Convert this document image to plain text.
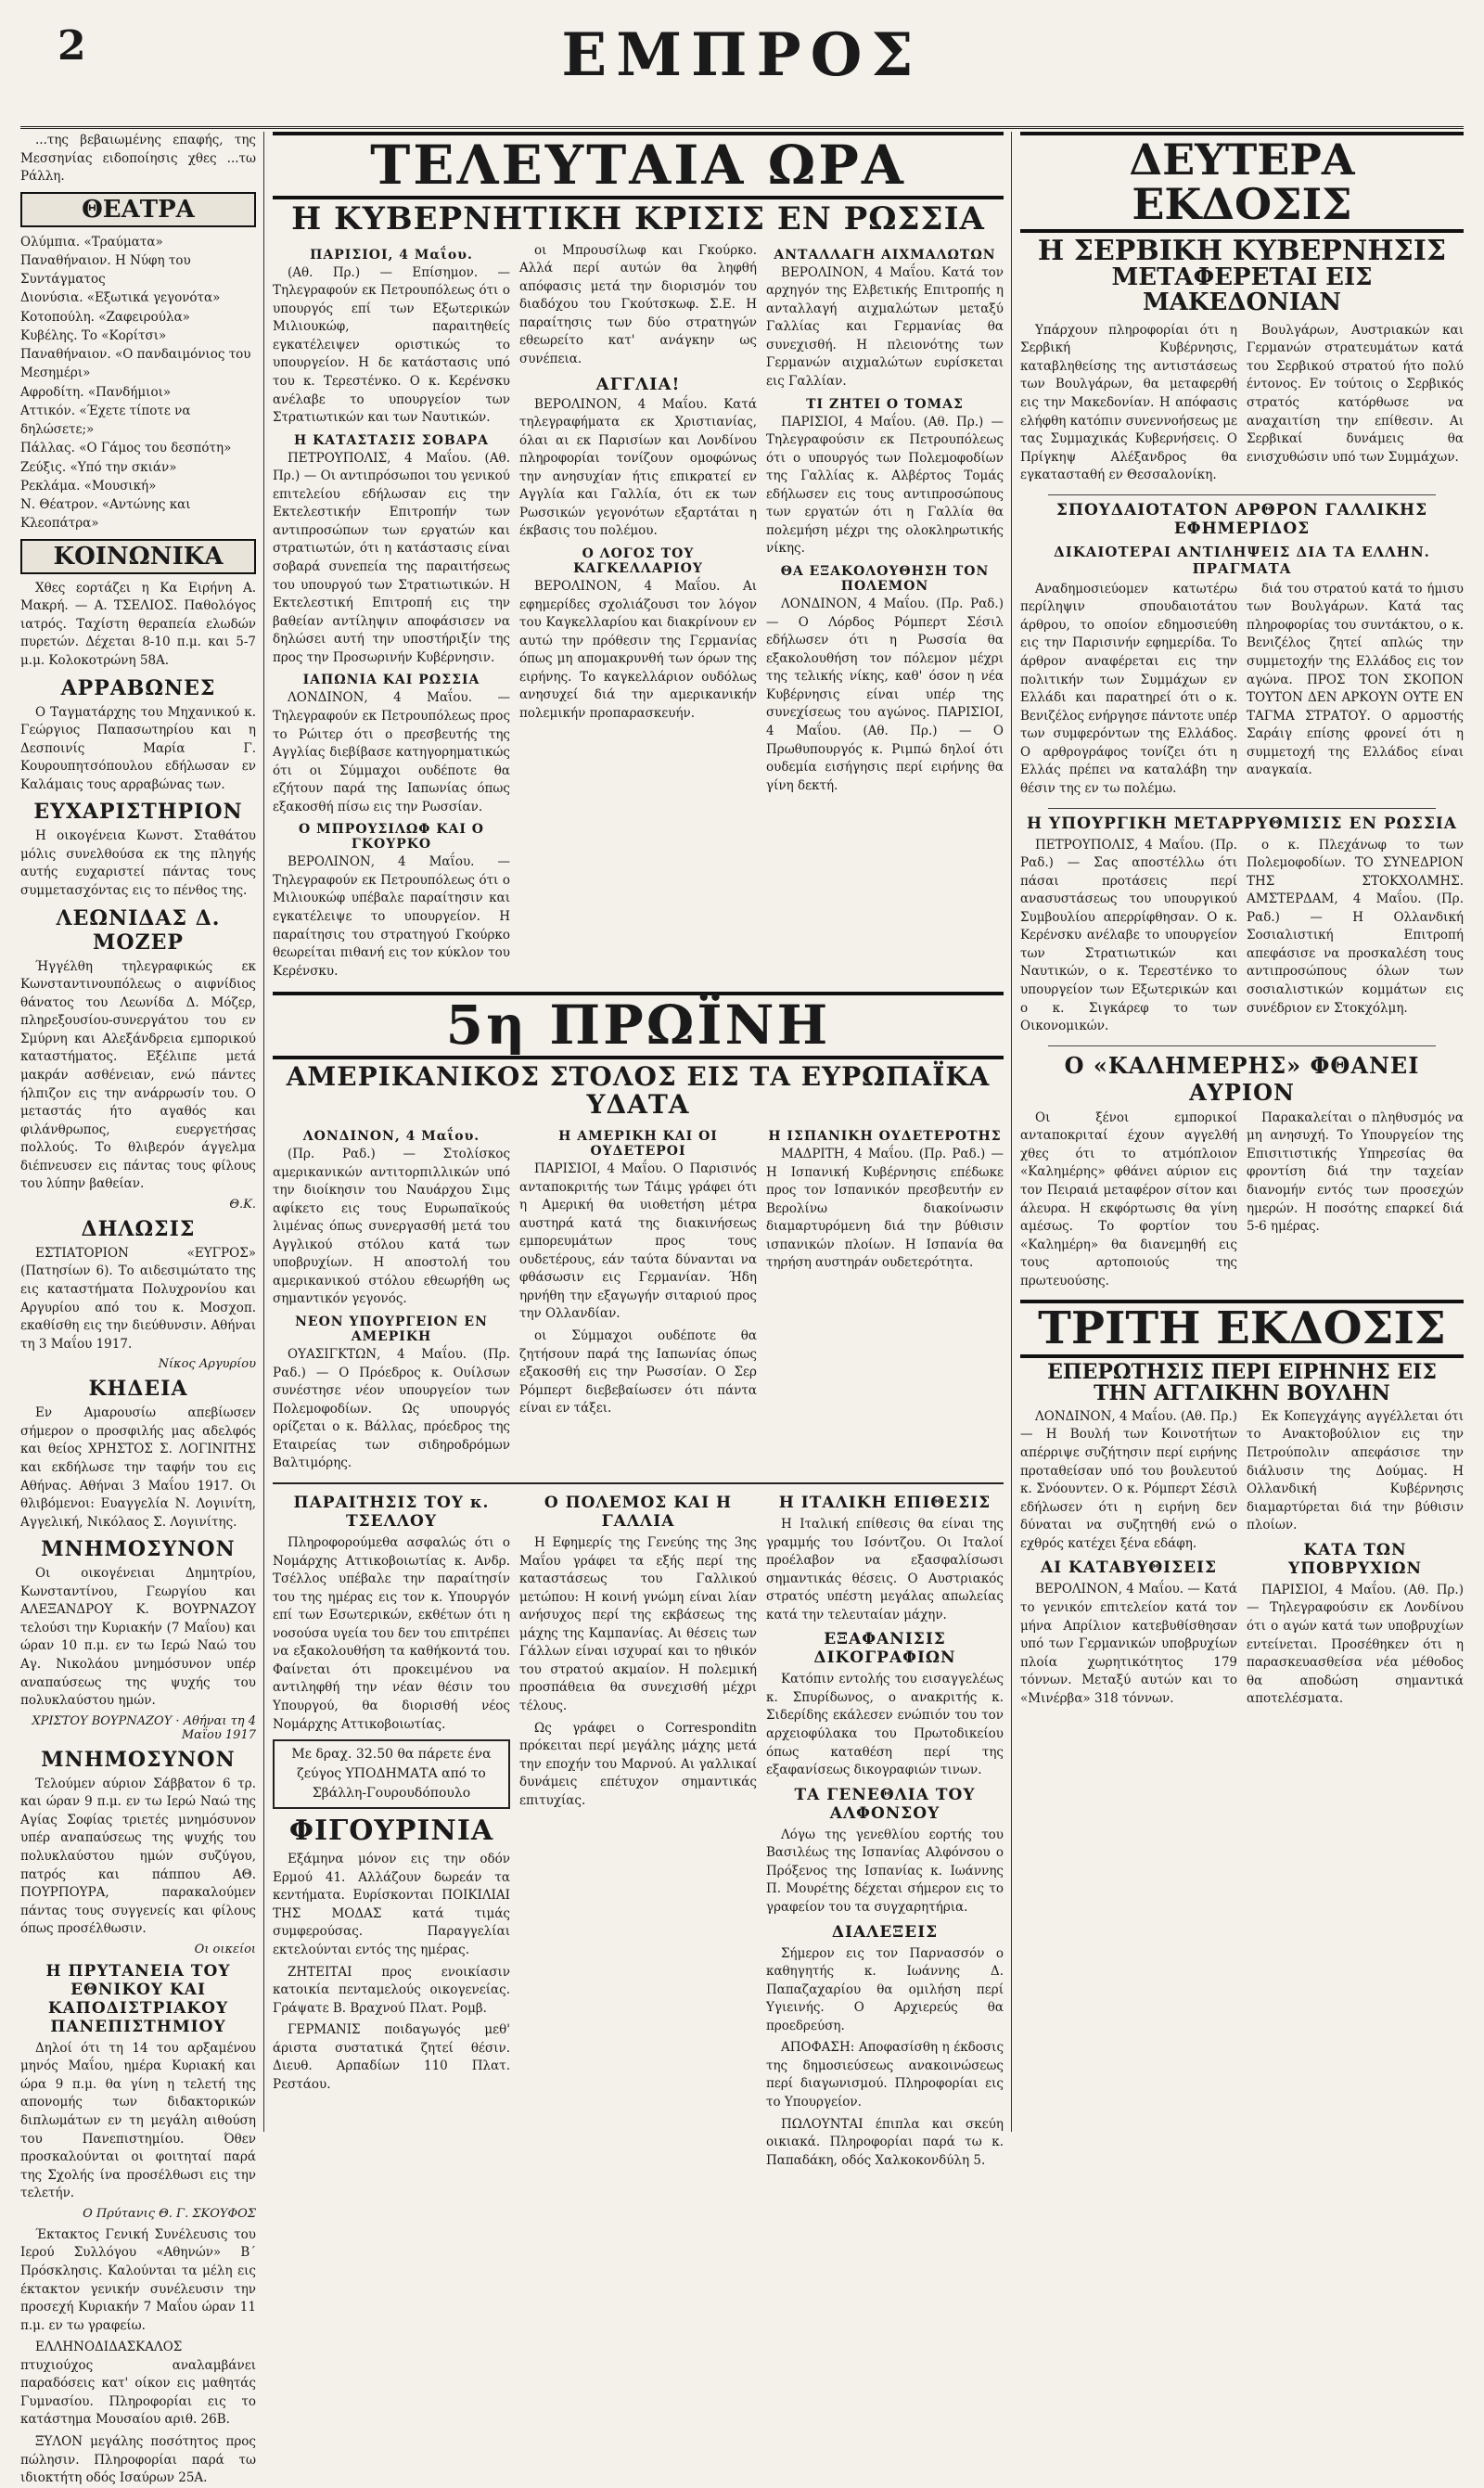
2	ΕΜΠΡΟΣ

...της βεβαιωμένης επαφής, της Μεσσηνίας ειδοποίησις χθες ...τω Ράλλη.

ΘΕΑΤΡΑ

Ολύμπια. «Τραύματα»

Παναθήναιον. Η Νύφη του Συντάγματος

Διονύσια. «Εξωτικά γεγονότα»

Κοτοπούλη. «Ζαφειρούλα»

Κυβέλης. Το «Κορίτσι»

Παναθήναιον. «Ο πανδαιμόνιος του Μεσημέρι»

Αφροδίτη. «Πανδήμιοι»

Αττικόν. «Έχετε τίποτε να δηλώσετε;»

Πάλλας. «Ο Γάμος του δεσπότη»

Ζεύξις. «Υπό την σκιάν»

Ρεκλάμα. «Μουσική»

Ν. Θέατρον. «Αντώνης και Κλεοπάτρα»

ΚΟΙΝΩΝΙΚΑ

Χθες εορτάζει η Κα Ειρήνη Α. Μακρή. — Α. ΤΣΕΛΙΟΣ. Παθολόγος ιατρός. Ταχίστη θεραπεία ελωδών πυρετών. Δέχεται 8-10 π.μ. και 5-7 μ.μ. Κολοκοτρώνη 58Α.

ΑΡΡΑΒΩΝΕΣ

Ο Ταγματάρχης του Μηχανικού κ. Γεώργιος Παπασωτηρίου και η Δεσποινίς Μαρία Γ. Κουρουπητσόπουλου εδήλωσαν εν Καλάμαις τους αρραβώνας των.

ΕΥΧΑΡΙΣΤΗΡΙΟΝ

Η οικογένεια Κωνστ. Σταθάτου μόλις συνελθούσα εκ της πληγής αυτής ευχαριστεί πάντας τους συμμετασχόντας εις το πένθος της.

ΛΕΩΝΙΔΑΣ Δ. ΜΟΖΕΡ

Ήγγέλθη τηλεγραφικώς εκ Κωνσταντινουπόλεως ο αιφνίδιος θάνατος του Λεωνίδα Δ. Μόζερ, πληρεξουσίου-συνεργάτου του εν Σμύρνη και Αλεξάνδρεια εμπορικού καταστήματος. Εξέλιπε μετά μακράν ασθένειαν, ενώ πάντες ήλπιζον εις την ανάρρωσίν του. Ο μεταστάς ήτο αγαθός και φιλάνθρωπος, ευεργετήσας πολλούς. Το θλιβερόν άγγελμα διέπνευσεν εις πάντας τους φίλους του λύπην βαθείαν.

Θ.Κ.
ΔΗΛΩΣΙΣ

ΕΣΤΙΑΤΟΡΙΟΝ «ΕΥΓΡΟΣ» (Πατησίων 6). Το αιδεσιμώτατο της εις καταστήματα Πολυχρονίου και Αργυρίου από του κ. Μοσχοπ. εκαθίσθη εις την διεύθυνσιν. Αθήναι τη 3 Μαΐου 1917.

Νίκος Αργυρίου
ΚΗΔΕΙΑ

Εν Αμαρουσίω απεβίωσεν σήμερον ο προσφιλής μας αδελφός και θείος ΧΡΗΣΤΟΣ Σ. ΛΟΓΙΝΙΤΗΣ και εκδήλωσε την ταφήν του εις Αθήνας. Αθήναι 3 Μαΐου 1917. Οι θλιβόμενοι: Ευαγγελία Ν. Λογινίτη, Αγγελική, Νικόλαος Σ. Λογινίτης.

ΜΝΗΜΟΣΥΝΟΝ

Οι οικογένειαι Δημητρίου, Κωνσταντίνου, Γεωργίου και ΑΛΕΞΑΝΔΡΟΥ Κ. ΒΟΥΡΝΑΖΟΥ τελούσι την Κυριακήν (7 Μαΐου) και ώραν 10 π.μ. εν τω Ιερώ Ναώ του Αγ. Νικολάου μνημόσυνον υπέρ αναπαύσεως της ψυχής του πολυκλαύστου ημών.

ΧΡΙΣΤΟΥ ΒΟΥΡΝΑΖΟΥ · Αθήναι τη 4 Μαΐου 1917
ΜΝΗΜΟΣΥΝΟΝ

Τελούμεν αύριον Σάββατον 6 τρ. και ώραν 9 π.μ. εν τω Ιερώ Ναώ της Αγίας Σοφίας τριετές μνημόσυνον υπέρ αναπαύσεως της ψυχής του πολυκλαύστου ημών συζύγου, πατρός και πάππου ΑΘ. ΠΟΥΡΠΟΥΡΑ, παρακαλούμεν πάντας τους συγγενείς και φίλους όπως προσέλθωσιν.

Οι οικείοι
Η ΠΡΥΤΑΝΕΙΑ ΤΟΥ ΕΘΝΙΚΟΥ ΚΑΙ ΚΑΠΟΔΙΣΤΡΙΑΚΟΥ ΠΑΝΕΠΙΣΤΗΜΙΟΥ

Δηλοί ότι τη 14 του αρξαμένου μηνός Μαΐου, ημέρα Κυριακή και ώρα 9 π.μ. θα γίνη η τελετή της απονομής των διδακτορικών διπλωμάτων εν τη μεγάλη αιθούση του Πανεπιστημίου. Όθεν προσκαλούνται οι φοιτηταί παρά της Σχολής ίνα προσέλθωσι εις την τελετήν.

Ο Πρύτανις Θ. Γ. ΣΚΟΥΦΟΣ

Έκτακτος Γενική Συνέλευσις του Ιερού Συλλόγου «Αθηνών» Β΄ Πρόσκλησις. Καλούνται τα μέλη εις έκτακτον γενικήν συνέλευσιν την προσεχή Κυριακήν 7 Μαΐου ώραν 11 π.μ. εν τω γραφείω.

ΕΛΛΗΝΟΔΙΔΑΣΚΑΛΟΣ πτυχιούχος αναλαμβάνει παραδόσεις κατ' οίκον εις μαθητάς Γυμνασίου. Πληροφορίαι εις το κατάστημα Μουσαίου αριθ. 26Β.

ΞΥΛΟΝ μεγάλης ποσότητος προς πώλησιν. Πληροφορίαι παρά τω ιδιοκτήτη οδός Ισαύρων 25Α.

ΤΕΛΕΥΤΑΙΑ ΩΡΑ
Η ΚΥΒΕΡΝΗΤΙΚΗ ΚΡΙΣΙΣ ΕΝ ΡΩΣΣΙΑ
ΠΑΡΙΣΙΟΙ, 4 Μαΐου.

(Αθ. Πρ.) — Επίσημον. — Τηλεγραφούν εκ Πετρουπόλεως ότι ο υπουργός επί των Εξωτερικών Μιλιουκώφ, παραιτηθείς εγκατέλειψεν οριστικώς το υπουργείον. Η δε κατάστασις υπό του κ. Τερεστένκο. Ο κ. Κερένσκυ ανέλαβε το υπουργείον των Στρατιωτικών και των Ναυτικών.

Η ΚΑΤΑΣΤΑΣΙΣ ΣΟΒΑΡΑ

ΠΕΤΡΟΥΠΟΛΙΣ, 4 Μαΐου. (Αθ. Πρ.) — Οι αντιπρόσωποι του γενικού επιτελείου εδήλωσαν εις την Εκτελεστικήν Επιτροπήν των αντιπροσώπων των εργατών και στρατιωτών, ότι η κατάστασις είναι σοβαρά συνεπεία της παραιτήσεως του υπουργού των Στρατιωτικών. Η Εκτελεστική Επιτροπή εις την βαθείαν αντίληψιν αποφάσισεν να δηλώσει αυτή την υποστήριξίν της προς την Προσωρινήν Κυβέρνησιν.

ΙΑΠΩΝΙΑ ΚΑΙ ΡΩΣΣΙΑ

ΛΟΝΔΙΝΟΝ, 4 Μαΐου. — Τηλεγραφούν εκ Πετρουπόλεως προς το Ρώιτερ ότι ο πρεσβευτής της Αγγλίας διεβίβασε κατηγορηματικώς ότι οι Σύμμαχοι ουδέποτε θα εζήτουν παρά της Ιαπωνίας όπως εξακοσθή πίσω εις την Ρωσσίαν.

Ο ΜΠΡΟΥΣΙΛΩΦ ΚΑΙ Ο ΓΚΟΥΡΚΟ

ΒΕΡΟΛΙΝΟΝ, 4 Μαΐου. — Τηλεγραφούν εκ Πετρουπόλεως ότι ο Μιλιουκώφ υπέβαλε παραίτησιν και εγκατέλειψε το υπουργείον. Η παραίτησις του στρατηγού Γκούρκο θεωρείται πιθανή εις τον κύκλον του Κερένσκυ.

οι Μπρουσίλωφ και Γκούρκο. Αλλά περί αυτών θα ληφθή απόφασις μετά την διορισμόν του διαδόχου του Γκούτσκωφ. Σ.Ε. Η παραίτησις των δύο στρατηγών εθεωρείτο κατ' ανάγκην ως συνέπεια.

ΑΓΓΛΙΑ!

ΒΕΡΟΛΙΝΟΝ, 4 Μαΐου. Κατά τηλεγραφήματα εκ Χριστιανίας, όλαι αι εκ Παρισίων και Λονδίνου πληροφορίαι τονίζουν ομοφώνως την ανησυχίαν ήτις επικρατεί εν Αγγλία και Γαλλία, ότι εκ των Ρωσσικών γεγονότων εξαρτάται η έκβασις του πολέμου.

Ο ΛΟΓΟΣ ΤΟΥ ΚΑΓΚΕΛΛΑΡΙΟΥ

ΒΕΡΟΛΙΝΟΝ, 4 Μαΐου. Αι εφημερίδες σχολιάζουσι τον λόγον του Καγκελλαρίου και διακρίνουν εν αυτώ την πρόθεσιν της Γερμανίας όπως μη απομακρυνθή των όρων της ειρήνης. Το καγκελλάριον ουδόλως ανησυχεί διά την αμερικανικήν πολεμικήν προπαρασκευήν.

ΑΝΤΑΛΛΑΓΗ ΑΙΧΜΑΛΩΤΩΝ

ΒΕΡΟΛΙΝΟΝ, 4 Μαΐου. Κατά τον αρχηγόν της Ελβετικής Επιτροπής η ανταλλαγή αιχμαλώτων μεταξύ Γαλλίας και Γερμανίας θα συνεχισθή. Η πλειονότης των Γερμανών αιχμαλώτων ευρίσκεται εις Γαλλίαν.

ΤΙ ΖΗΤΕΙ Ο ΤΟΜΑΣ

ΠΑΡΙΣΙΟΙ, 4 Μαΐου. (Αθ. Πρ.) — Τηλεγραφούσιν εκ Πετρουπόλεως ότι ο υπουργός των Πολεμοφοδίων της Γαλλίας κ. Αλβέρτος Τομάς εδήλωσεν εις τους αντιπροσώπους των εργατών ότι η Γαλλία θα πολεμήση μέχρι της ολοκληρωτικής νίκης.

ΘΑ ΕΞΑΚΟΛΟΥΘΗΣΗ ΤΟΝ ΠΟΛΕΜΟΝ

ΛΟΝΔΙΝΟΝ, 4 Μαΐου. (Πρ. Ραδ.) — Ο Λόρδος Ρόμπερτ Σέσιλ εδήλωσεν ότι η Ρωσσία θα εξακολουθήση τον πόλεμον μέχρι της τελικής νίκης, καθ' όσον η νέα Κυβέρνησις είναι υπέρ της συνεχίσεως του αγώνος. ΠΑΡΙΣΙΟΙ, 4 Μαΐου. (Αθ. Πρ.) — Ο Πρωθυπουργός κ. Ριμπώ δηλοί ότι ουδεμία εισήγησις περί ειρήνης θα γίνη δεκτή.

5η ΠΡΩΪΝΗ
ΑΜΕΡΙΚΑΝΙΚΟΣ ΣΤΟΛΟΣ ΕΙΣ ΤΑ ΕΥΡΩΠΑΪΚΑ ΥΔΑΤΑ
ΛΟΝΔΙΝΟΝ, 4 Μαΐου.

(Πρ. Ραδ.) — Στολίσκος αμερικανικών αντιτορπιλλικών υπό την διοίκησιν του Ναυάρχου Σιμς αφίκετο εις τους Ευρωπαϊκούς λιμένας όπως συνεργασθή μετά του Αγγλικού στόλου κατά των υποβρυχίων. Η αποστολή του αμερικανικού στόλου εθεωρήθη ως σημαντικόν γεγονός.

ΝΕΟΝ ΥΠΟΥΡΓΕΙΟΝ ΕΝ ΑΜΕΡΙΚΗ

ΟΥΑΣΙΓΚΤΩΝ, 4 Μαΐου. (Πρ. Ραδ.) — Ο Πρόεδρος κ. Ουίλσων συνέστησε νέον υπουργείον των Πολεμοφοδίων. Ως υπουργός ορίζεται ο κ. Βάλλας, πρόεδρος της Εταιρείας των σιδηροδρόμων Βαλτιμόρης.

Η ΑΜΕΡΙΚΗ ΚΑΙ ΟΙ ΟΥΔΕΤΕΡΟΙ

ΠΑΡΙΣΙΟΙ, 4 Μαΐου. Ο Παρισινός ανταποκριτής των Τάιμς γράφει ότι η Αμερική θα υιοθετήση μέτρα αυστηρά κατά της διακινήσεως εμπορευμάτων προς τους ουδετέρους, εάν ταύτα δύνανται να φθάσωσιν εις Γερμανίαν. Ήδη ηρνήθη την εξαγωγήν σιταριού προς την Ολλανδίαν.

οι Σύμμαχοι ουδέποτε θα ζητήσουν παρά της Ιαπωνίας όπως εξακοσθή εις την Ρωσσίαν. Ο Σερ Ρόμπερτ διεβεβαίωσεν ότι πάντα είναι εν τάξει.

Η ΙΣΠΑΝΙΚΗ ΟΥΔΕΤΕΡΟΤΗΣ

ΜΑΔΡΙΤΗ, 4 Μαΐου. (Πρ. Ραδ.) — Η Ισπανική Κυβέρνησις επέδωκε προς τον Ισπανικόν πρεσβευτήν εν Βερολίνω διακοίνωσιν διαμαρτυρόμενη διά την βύθισιν ισπανικών πλοίων. Η Ισπανία θα τηρήση αυστηράν ουδετερότητα.

ΠΑΡΑΙΤΗΣΙΣ ΤΟΥ κ. ΤΣΕΛΛΟΥ

Πληροφορούμεθα ασφαλώς ότι ο Νομάρχης Αττικοβοιωτίας κ. Ανδρ. Τσέλλος υπέβαλε την παραίτησίν του της ημέρας εις τον κ. Υπουργόν επί των Εσωτερικών, εκθέτων ότι η νοσούσα υγεία του δεν του επιτρέπει να εξακολουθήση τα καθήκοντά του. Φαίνεται ότι προκειμένου να αντιληφθή την νέαν θέσιν του Υπουργού, θα διορισθή νέος Νομάρχης Αττικοβοιωτίας.

Με δραχ. 32.50 θα πάρετε ένα ζεύγος ΥΠΟΔΗΜΑΤΑ από το Σβάλλη-Γουρουδόπουλο
ΦΙΓΟΥΡΙΝΙΑ

Εξάμηνα μόνον εις την οδόν Ερμού 41. Αλλάζουν δωρεάν τα κεντήματα. Ευρίσκονται ΠΟΙΚΙΛΙΑΙ ΤΗΣ ΜΟΔΑΣ κατά τιμάς συμφερούσας. Παραγγελίαι εκτελούνται εντός της ημέρας.

ΖΗΤΕΙΤΑΙ προς ενοικίασιν κατοικία πενταμελούς οικογενείας. Γράψατε Β. Βραχνού Πλατ. Ρομβ.

ΓΕΡΜΑΝΙΣ ποιδαγωγός μεθ' άριστα συστατικά ζητεί θέσιν. Διευθ. Αρπαδίων 110 Πλατ. Ρεστάου.

Ο ΠΟΛΕΜΟΣ ΚΑΙ Η ΓΑΛΛΙΑ

Η Εφημερίς της Γενεύης της 3ης Μαΐου γράφει τα εξής περί της καταστάσεως του Γαλλικού μετώπου: Η κοινή γνώμη είναι λίαν ανήσυχος περί της εκβάσεως της μάχης της Καμπανίας. Αι θέσεις των Γάλλων είναι ισχυραί και το ηθικόν του στρατού ακμαίον. Η πολεμική προσπάθεια θα συνεχισθή μέχρι τέλους.

Ως γράφει ο Corresponditn πρόκειται περί μεγάλης μάχης μετά την εποχήν του Μαρνού. Αι γαλλικαί δυνάμεις επέτυχον σημαντικάς επιτυχίας.

Η ΙΤΑΛΙΚΗ ΕΠΙΘΕΣΙΣ

Η Ιταλική επίθεσις θα είναι της γραμμής του Ισόντζου. Οι Ιταλοί προέλαβον να εξασφαλίσωσι σημαντικάς θέσεις. Ο Αυστριακός στρατός υπέστη μεγάλας απωλείας κατά την τελευταίαν μάχην.

ΕΞΑΦΑΝΙΣΙΣ ΔΙΚΟΓΡΑΦΙΩΝ

Κατόπιν εντολής του εισαγγελέως κ. Σπυρίδωνος, ο ανακριτής κ. Σιδερίδης εκάλεσεν ενώπιόν του τον αρχειοφύλακα του Πρωτοδικείου όπως καταθέση περί της εξαφανίσεως δικογραφιών τινων.

ΤΑ ΓΕΝΕΘΛΙΑ ΤΟΥ ΑΛΦΟΝΣΟΥ

Λόγω της γενεθλίου εορτής του Βασιλέως της Ισπανίας Αλφόνσου ο Πρόξενος της Ισπανίας κ. Ιωάννης Π. Μουρέτης δέχεται σήμερον εις το γραφείον του τα συγχαρητήρια.

ΔΙΑΛΕΞΕΙΣ

Σήμερον εις τον Παρνασσόν ο καθηγητής κ. Ιωάννης Δ. Παπαζαχαρίου θα ομιλήση περί Υγιεινής. Ο Αρχιερεύς θα προεδρεύση.

ΑΠΟΦΑΣΗ: Αποφασίσθη η έκδοσις της δημοσιεύσεως ανακοινώσεως περί διαγωνισμού. Πληροφορίαι εις το Υπουργείον.

ΠΩΛΟΥΝΤΑΙ έπιπλα και σκεύη οικιακά. Πληροφορίαι παρά τω κ. Παπαδάκη, οδός Χαλκοκονδύλη 5.

ΔΕΥΤΕΡΑ ΕΚΔΟΣΙΣ
Η ΣΕΡΒΙΚΗ ΚΥΒΕΡΝΗΣΙΣ
ΜΕΤΑΦΕΡΕΤΑΙ ΕΙΣ ΜΑΚΕΔΟΝΙΑΝ

Υπάρχουν πληροφορίαι ότι η Σερβική Κυβέρνησις, καταβληθείσης της αντιστάσεως των Βουλγάρων, θα μεταφερθή εις την Μακεδονίαν. Η απόφασις ελήφθη κατόπιν συνεννοήσεως με τας Συμμαχικάς Κυβερνήσεις. Ο Πρίγκηψ Αλέξανδρος θα εγκατασταθή εν Θεσσαλονίκη.

Βουλγάρων, Αυστριακών και Γερμανών στρατευμάτων κατά του Σερβικού στρατού ήτο πολύ έντονος. Εν τούτοις ο Σερβικός στρατός κατόρθωσε να αναχαιτίση την επίθεσιν. Αι Σερβικαί δυνάμεις θα ενισχυθώσιν υπό των Συμμάχων.

ΣΠΟΥΔΑΙΟΤΑΤΟΝ ΑΡΘΡΟΝ ΓΑΛΛΙΚΗΣ ΕΦΗΜΕΡΙΔΟΣ
ΔΙΚΑΙΟΤΕΡΑΙ ΑΝΤΙΛΗΨΕΙΣ ΔΙΑ ΤΑ ΕΛΛΗΝ. ΠΡΑΓΜΑΤΑ

Αναδημοσιεύομεν κατωτέρω περίληψιν σπουδαιοτάτου άρθρου, το οποίον εδημοσιεύθη εις την Παρισινήν εφημερίδα. Το άρθρον αναφέρεται εις την πολιτικήν των Συμμάχων εν Ελλάδι και παρατηρεί ότι ο κ. Βενιζέλος ενήργησε πάντοτε υπέρ των συμφερόντων της Ελλάδος. Ο αρθρογράφος τονίζει ότι η Ελλάς πρέπει να καταλάβη την θέσιν της εν τω πολέμω.

διά του στρατού κατά το ήμισυ των Βουλγάρων. Κατά τας πληροφορίας του συντάκτου, ο κ. Βενιζέλος ζητεί απλώς την συμμετοχήν της Ελλάδος εις τον αγώνα. ΠΡΟΣ ΤΟΝ ΣΚΟΠΟΝ ΤΟΥΤΟΝ ΔΕΝ ΑΡΚΟΥΝ ΟΥΤΕ ΕΝ ΤΑΓΜΑ ΣΤΡΑΤΟΥ. Ο αρμοστής Σαράιγ επίσης φρονεί ότι η συμμετοχή της Ελλάδος είναι αναγκαία.

Η ΥΠΟΥΡΓΙΚΗ ΜΕΤΑΡΡΥΘΜΙΣΙΣ ΕΝ ΡΩΣΣΙΑ

ΠΕΤΡΟΥΠΟΛΙΣ, 4 Μαΐου. (Πρ. Ραδ.) — Σας αποστέλλω ότι πάσαι προτάσεις περί ανασυστάσεως του υπουργικού Συμβουλίου απερρίφθησαν. Ο κ. Κερένσκυ ανέλαβε το υπουργείον των Στρατιωτικών και Ναυτικών, ο κ. Τερεστένκο το υπουργείον των Εξωτερικών και ο κ. Σιγκάρεφ το των Οικονομικών.

ο κ. Πλεχάνωφ το των Πολεμοφοδίων. ΤΟ ΣΥΝΕΔΡΙΟΝ ΤΗΣ ΣΤΟΚΧΟΛΜΗΣ. ΑΜΣΤΕΡΔΑΜ, 4 Μαΐου. (Πρ. Ραδ.) — Η Ολλανδική Σοσιαλιστική Επιτροπή απεφάσισε να προσκαλέση τους αντιπροσώπους όλων των σοσιαλιστικών κομμάτων εις συνέδριον εν Στοκχόλμη.

Ο «ΚΑΛΗΜΕΡΗΣ» ΦΘΑΝΕΙ ΑΥΡΙΟΝ

Οι ξένοι εμπορικοί ανταποκριταί έχουν αγγελθή χθες ότι το ατμόπλοιον «Καλημέρης» φθάνει αύριον εις τον Πειραιά μεταφέρον σίτον και άλευρα. Η εκφόρτωσις θα γίνη αμέσως. Το φορτίον του «Καλημέρη» θα διανεμηθή εις τους αρτοποιούς της πρωτευούσης.

Παρακαλείται ο πληθυσμός να μη ανησυχή. Το Υπουργείον της Επισιτιστικής Υπηρεσίας θα φροντίση διά την ταχείαν διανομήν εντός των προσεχών ημερών. Η ποσότης επαρκεί διά 5-6 ημέρας.

ΤΡΙΤΗ ΕΚΔΟΣΙΣ
ΕΠΕΡΩΤΗΣΙΣ ΠΕΡΙ ΕΙΡΗΝΗΣ ΕΙΣ ΤΗΝ ΑΓΓΛΙΚΗΝ ΒΟΥΛΗΝ

ΛΟΝΔΙΝΟΝ, 4 Μαΐου. (Αθ. Πρ.) — Η Βουλή των Κοινοτήτων απέρριψε συζήτησιν περί ειρήνης προταθείσαν υπό του βουλευτού κ. Σνόουντεν. Ο κ. Ρόμπερτ Σέσιλ εδήλωσεν ότι η ειρήνη δεν δύναται να συζητηθή ενώ ο εχθρός κατέχει ξένα εδάφη.

ΑΙ ΚΑΤΑΒΥΘΙΣΕΙΣ

ΒΕΡΟΛΙΝΟΝ, 4 Μαΐου. — Κατά το γενικόν επιτελείον κατά τον μήνα Απρίλιον κατεβυθίσθησαν υπό των Γερμανικών υποβρυχίων πλοία χωρητικότητος 179 τόννων. Μεταξύ αυτών και το «Μινέρβα» 318 τόννων.

Εκ Κοπεγχάγης αγγέλλεται ότι το Ανακτοβούλιον εις την Πετρούπολιν απεφάσισε την διάλυσιν της Δούμας. Η Ολλανδική Κυβέρνησις διαμαρτύρεται διά την βύθισιν πλοίων.

ΚΑΤΑ ΤΩΝ ΥΠΟΒΡΥΧΙΩΝ

ΠΑΡΙΣΙΟΙ, 4 Μαΐου. (Αθ. Πρ.) — Τηλεγραφούσιν εκ Λονδίνου ότι ο αγών κατά των υποβρυχίων εντείνεται. Προσέθηκεν ότι η παρασκευασθείσα νέα μέθοδος θα αποδώση σημαντικά αποτελέσματα.
